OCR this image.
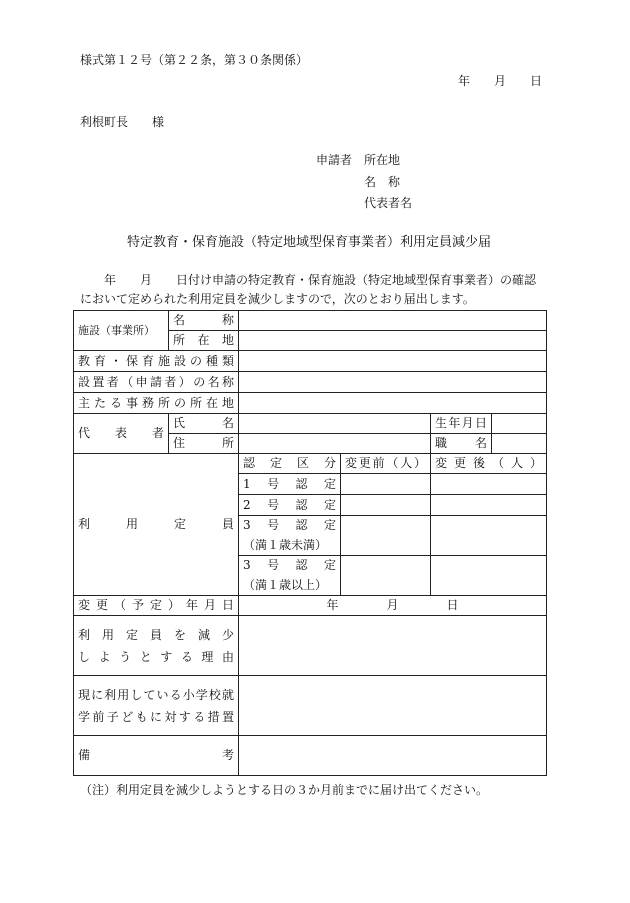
様式第１２号（第２２条，第３０条関係）
年　　月　　日
利根町長　　様
申請者 所在地
名　称
代表者名
特定教育・保育施設（特定地域型保育事業者）利用定員減少届
　　年　　月　　日付け申請の特定教育・保育施設（特定地域型保育事業者）の確認
において定められた利用定員を減少しますので，次のとおり届出します。
施設（事業所）	名称			
	所在地			
教育・保育施設の種類				
設置者（申請者）の名称				
主たる事務所の所在地				
代表者	氏名			生年月日

	住所			職名

利用定員		認定区分	変更前（人）	変更後（人）
		1号認定		
		2号認定		
		3号認定		
		（満１歳未満）		
		3号認定		
		（満１歳以上）		
変更（予定）年月日		年　　　　月　　　　日		

利用定員を減少
しようとする理由				

現に利用している小学校就
学前子どもに対する措置				

備考				
（注）利用定員を減少しようとする日の３か月前までに届け出てください。
